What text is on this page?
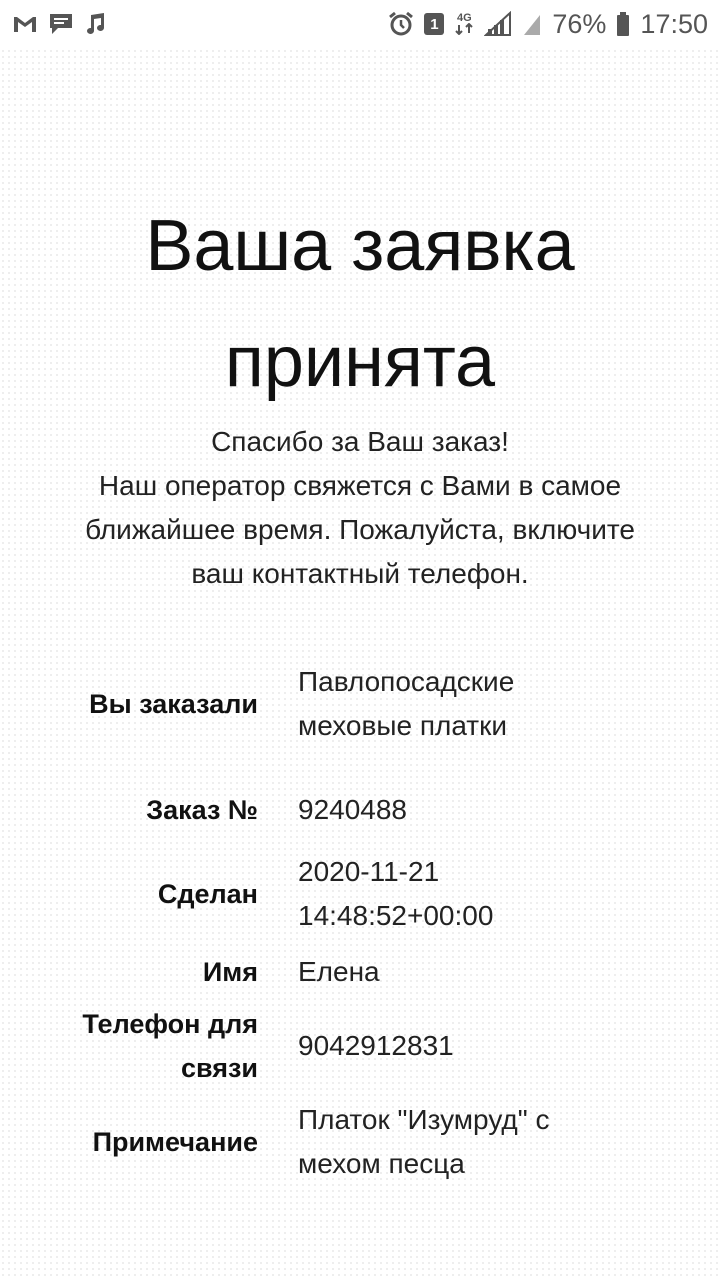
1	4G	76% 17:50
Ваша заявка принята
Спасибо за Ваш заказ!
Наш оператор свяжется с Вами в самое
ближайшее время. Пожалуйста, включите
ваш контактный телефон.
Вы заказали
Павлопосадские меховые платки
Заказ № 9240488
Сделан
2020-11-21 14:48:52+00:00
Имя Елена
Телефон для связи
9042912831
Примечание
Платок "Изумруд" с мехом песца
